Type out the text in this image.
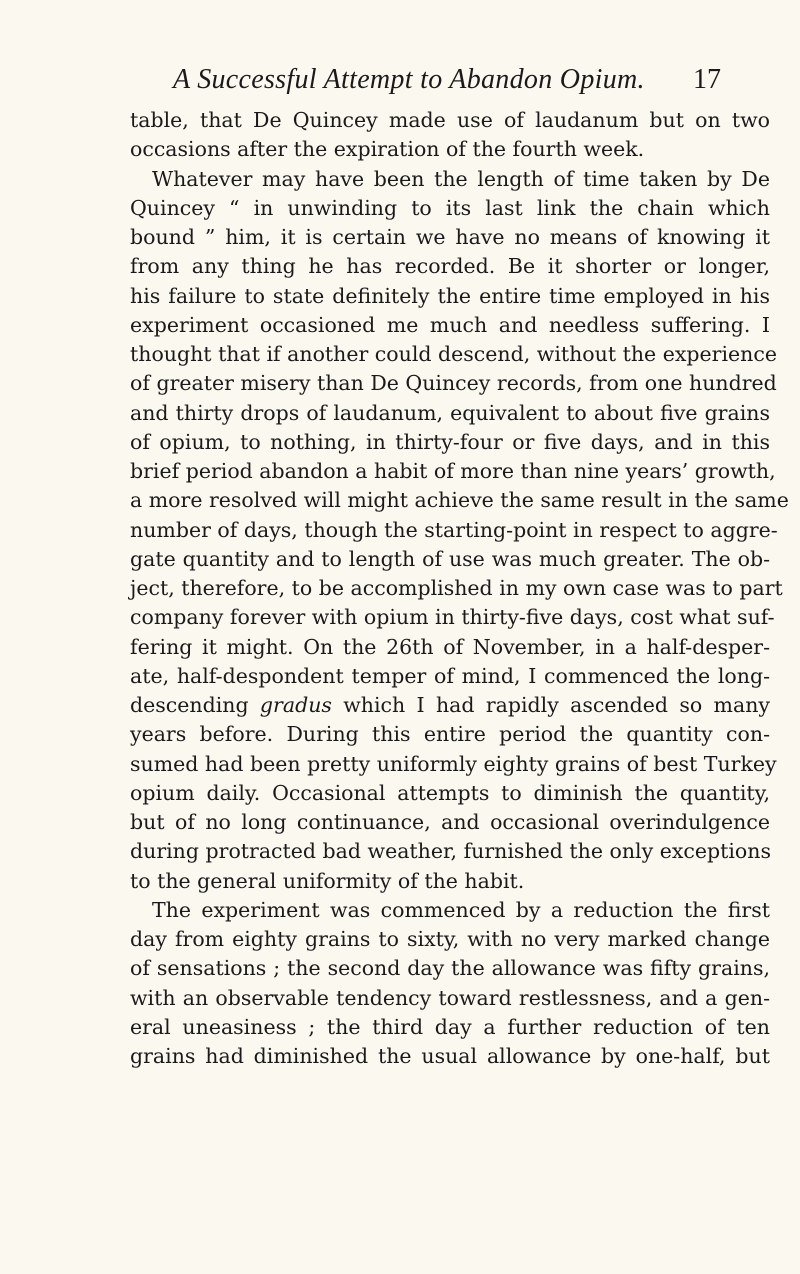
A Successful Attempt to Abandon Opium. 17
table, that De Quincey made use of laudanum but on two
occasions after the expiration of the fourth week.
Whatever may have been the length of time taken by De
Quincey “ in unwinding to its last link the chain which
bound ” him, it is certain we have no means of knowing it
from any thing he has recorded. Be it shorter or longer,
his failure to state definitely the entire time employed in his
experiment occasioned me much and needless suffering. I
thought that if another could descend, without the experience
of greater misery than De Quincey records, from one hundred
and thirty drops of laudanum, equivalent to about five grains
of opium, to nothing, in thirty-four or five days, and in this
brief period abandon a habit of more than nine years’ growth,
a more resolved will might achieve the same result in the same
number of days, though the starting-point in respect to aggre-
gate quantity and to length of use was much greater. The ob-
ject, therefore, to be accomplished in my own case was to part
company forever with opium in thirty-five days, cost what suf-
fering it might. On the 26th of November, in a half-desper-
ate, half-despondent temper of mind, I commenced the long-
descending gradus which I had rapidly ascended so many
years before. During this entire period the quantity con-
sumed had been pretty uniformly eighty grains of best Turkey
opium daily. Occasional attempts to diminish the quantity,
but of no long continuance, and occasional overindulgence
during protracted bad weather, furnished the only exceptions
to the general uniformity of the habit.
The experiment was commenced by a reduction the first
day from eighty grains to sixty, with no very marked change
of sensations ; the second day the allowance was fifty grains,
with an observable tendency toward restlessness, and a gen-
eral uneasiness ; the third day a further reduction of ten
grains had diminished the usual allowance by one-half, but
